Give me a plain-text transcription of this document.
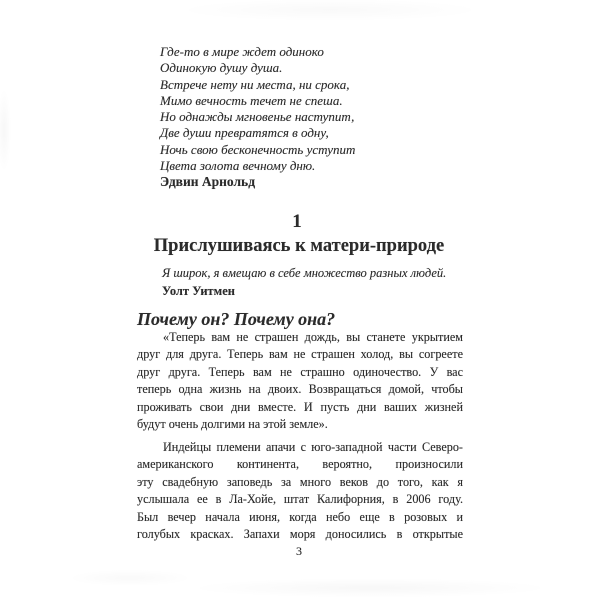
Где-то в мире ждет одиноко
Одинокую душу душа.
Встрече нету ни места, ни срока,
Мимо вечность течет не спеша.
Но однажды мгновенье наступит,
Две души превратятся в одну,
Ночь свою бесконечность уступит
Цвета золота вечному дню.
Эдвин Арнольд
1
Прислушиваясь к матери-природе
Я широк, я вмещаю в себе множество разных людей.
Уолт Уитмен
Почему он? Почему она?
«Теперь вам не страшен дождь, вы станете укрытием
друг для друга. Теперь вам не страшен холод, вы согреете
друг друга. Теперь вам не страшно одиночество. У вас
теперь одна жизнь на двоих. Возвращаться домой, чтобы
проживать свои дни вместе. И пусть дни ваших жизней
будут очень долгими на этой земле».
Индейцы племени апачи с юго-западной части Северо-
американского континента, вероятно, произносили
эту свадебную заповедь за много веков до того, как я
услышала ее в Ла-Хойе, штат Калифорния, в 2006 году.
Был вечер начала июня, когда небо еще в розовых и
голубых красках. Запахи моря доносились в открытые
3
